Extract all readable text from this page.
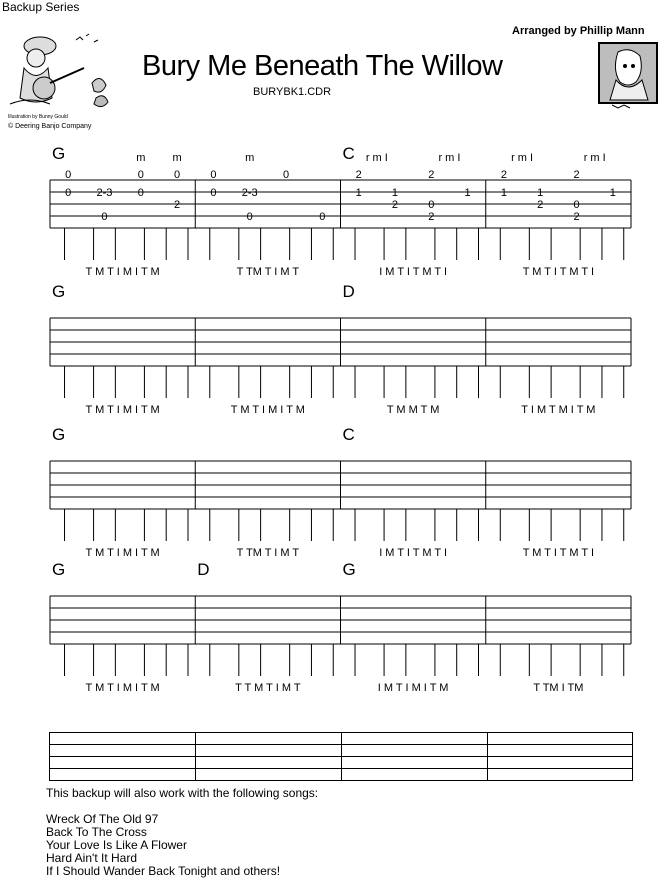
Backup Series
Arranged by Phillip Mann
Bury Me Beneath The Willow
BURYBK1.CDR
Illustration by Bunny Gould
© Deering Banjo Company
G
T M T I M I T M
0	0	0
0 2-3 0
2
0
m m
T TM T I M T
0	0
0 2-3
0	0
m	C
I M T I T M T I
2	2
1	1	1
2	0
2
r m I	r m I
T M T I T M T I
2	2
1	1	1
2	0
2
r m I	r m I
G
T M T I M I T M	T M T I M I T M
D
T M M T M	T I M T M I T M
G
T M T I M I T M	T TM T I M T
C
I M T I T M T I	T M T I T M T I
G
T M T I M I T M
D
T T M T I M T
G
I M T I M I T M	T TM I TM
This backup will also work with the following songs:
Wreck Of The Old 97
Back To The Cross
Your Love Is Like A Flower
Hard Ain't It Hard
If I Should Wander Back Tonight and others!
